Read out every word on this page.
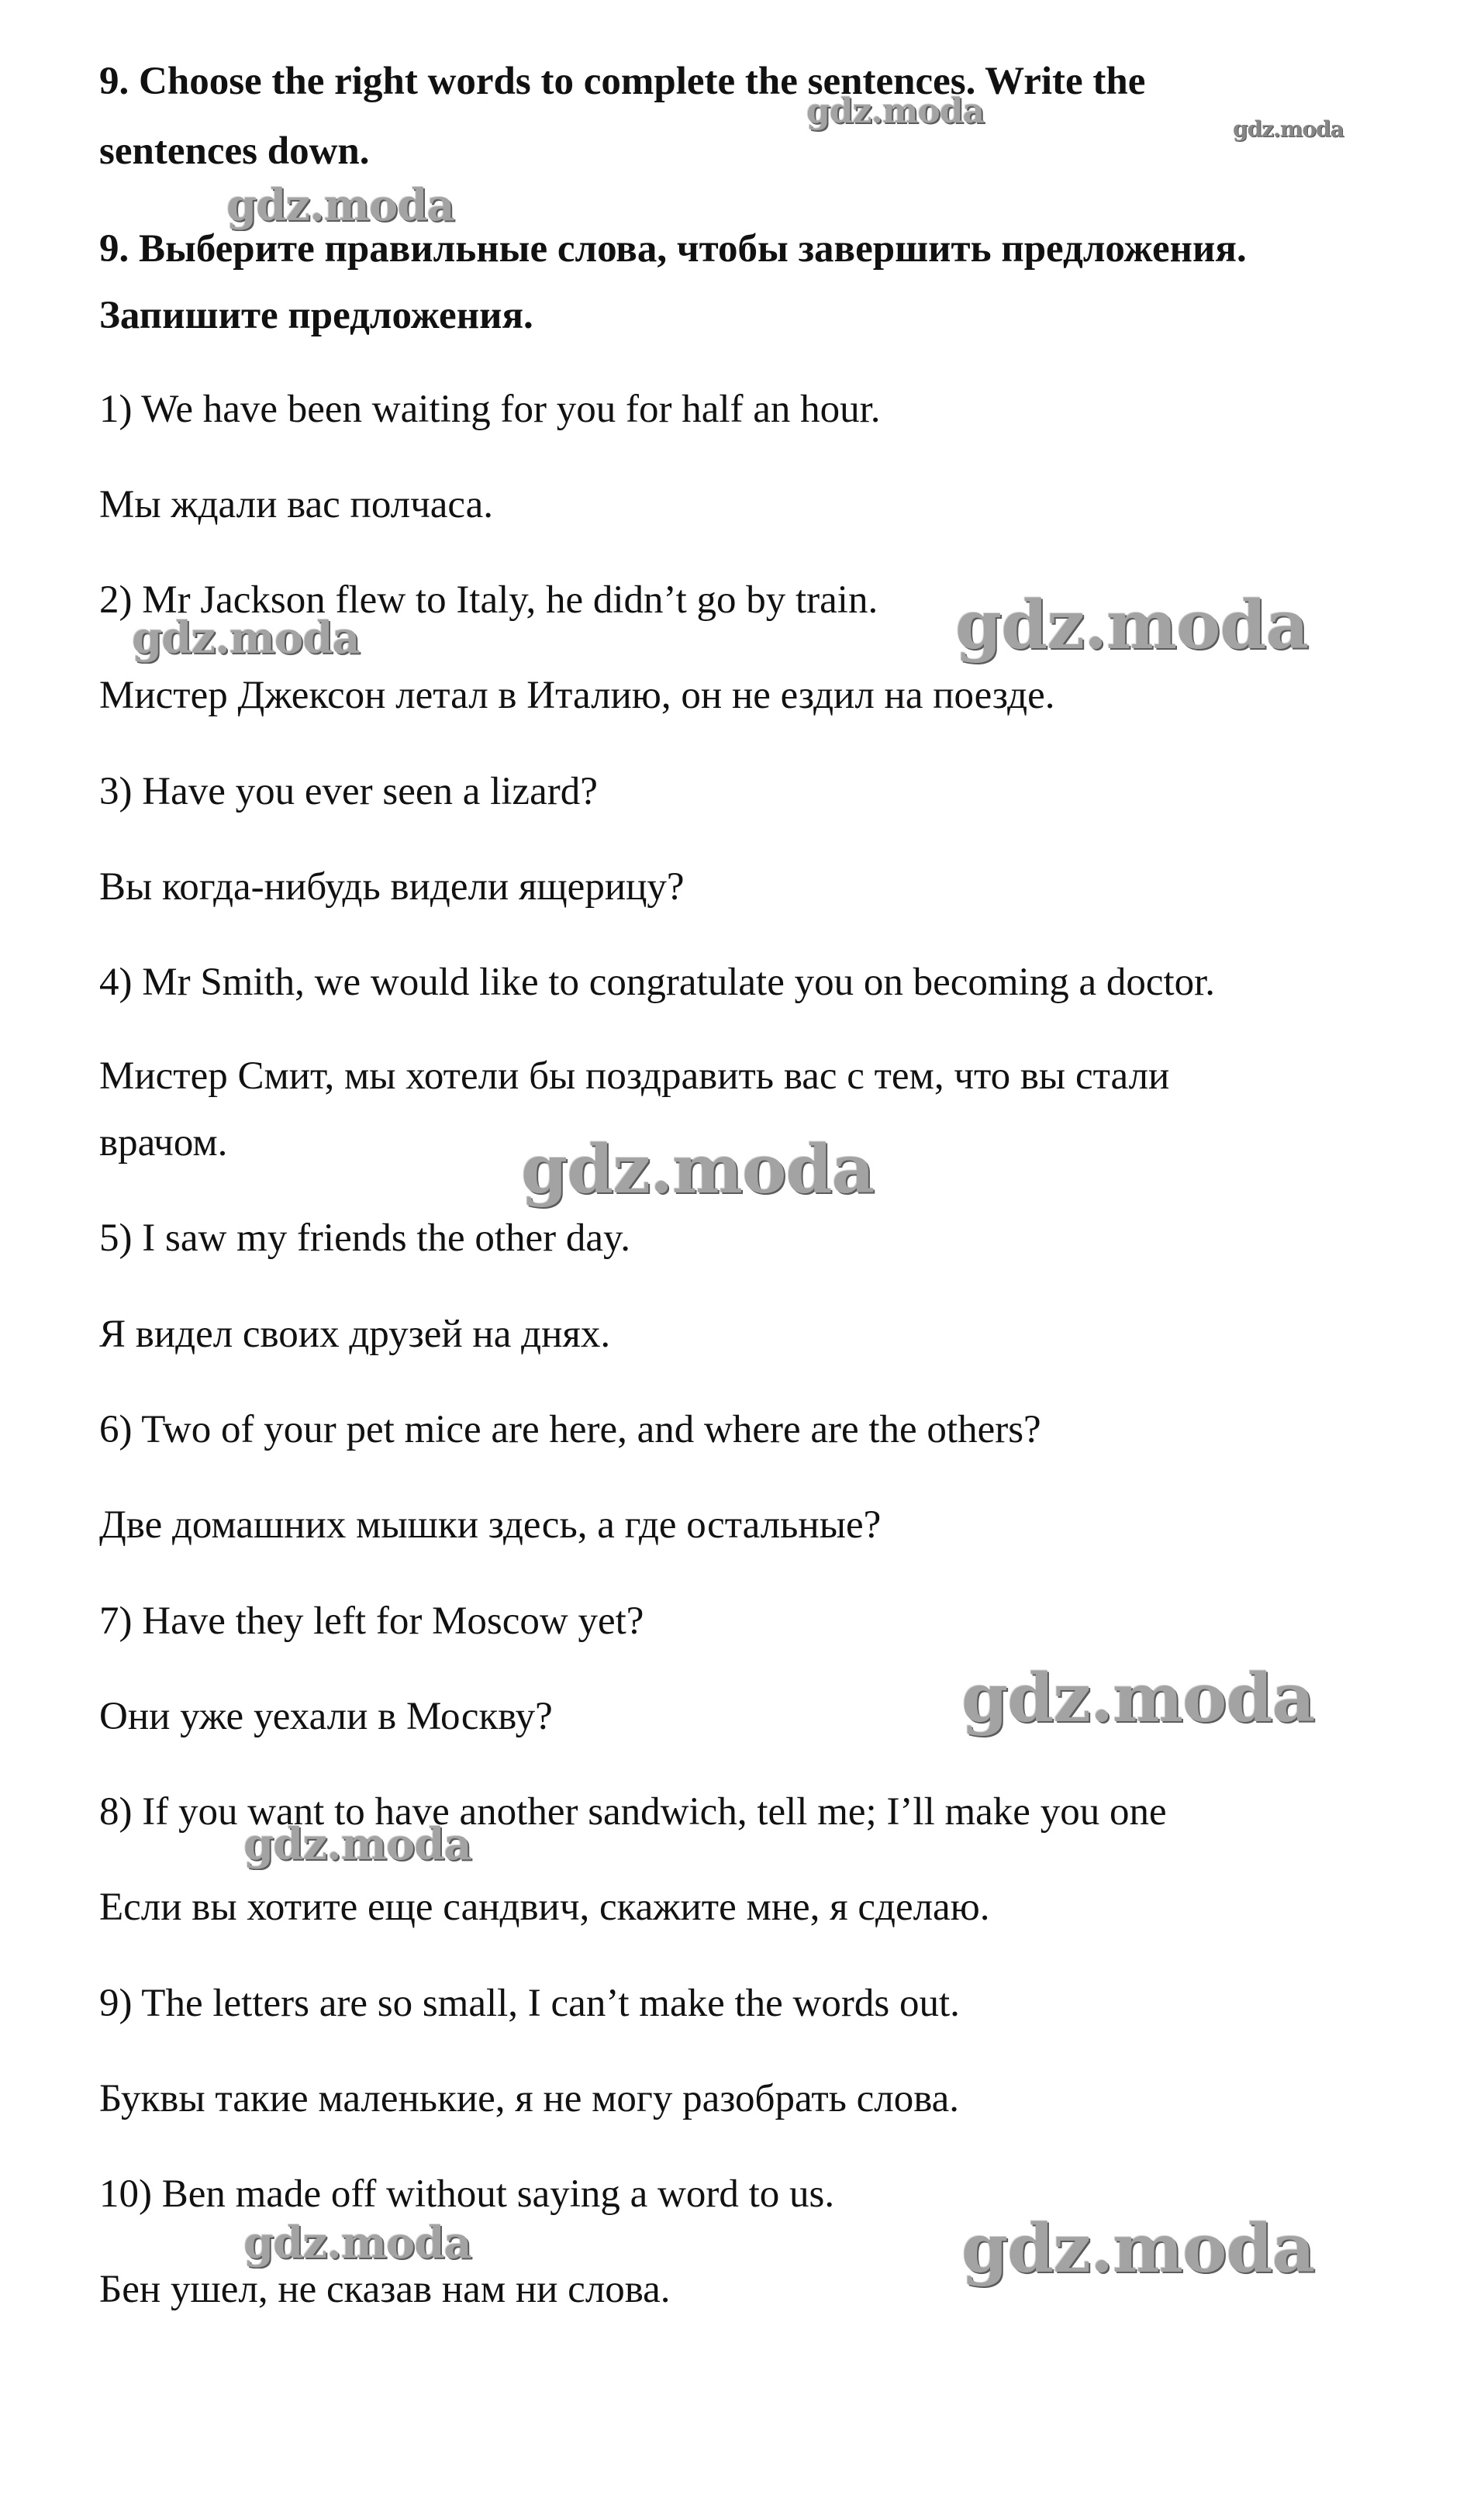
9. Choose the right words to complete the sentences. Write the

sentences down.

9. Выберите правильные слова, чтобы завершить предложения.

Запишите предложения.

1) We have been waiting for you for half an hour.

Мы ждали вас полчаса.

2) Mr Jackson flew to Italy, he didn’t go by train.

Мистер Джексон летал в Италию, он не ездил на поезде.

3) Have you ever seen a lizard?

Вы когда-нибудь видели ящерицу?

4) Mr Smith, we would like to congratulate you on becoming a doctor.

Мистер Смит, мы хотели бы поздравить вас с тем, что вы стали

врачом.

5) I saw my friends the other day.

Я видел своих друзей на днях.

6) Two of your pet mice are here, and where are the others?

Две домашних мышки здесь, а где остальные?

7) Have they left for Moscow yet?

Они уже уехали в Москву?

8) If you want to have another sandwich, tell me; I’ll make you one

Если вы хотите еще сандвич, скажите мне, я сделаю.

9) The letters are so small, I can’t make the words out.

Буквы такие маленькие, я не могу разобрать слова.

10) Ben made off without saying a word to us.

Бен ушел, не сказав нам ни слова.

gdz.moda	gdz.moda
gdz.moda
gdz.moda	gdz.moda
gdz.moda
gdz.moda
gdz.moda
gdz.moda	gdz.moda
